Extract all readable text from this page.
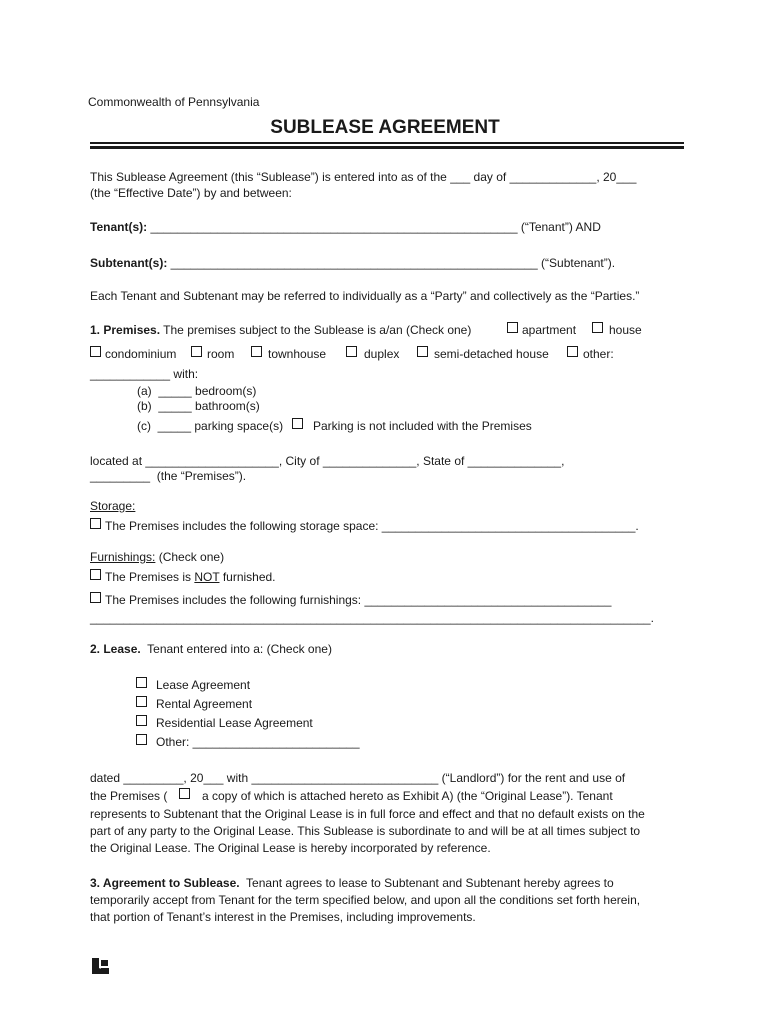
Commonwealth of Pennsylvania
SUBLEASE AGREEMENT
This Sublease Agreement (this “Sublease”) is entered into as of the ___ day of _____________, 20___
(the “Effective Date”) by and between:
Tenant(s): _______________________________________________________ (“Tenant”) AND
Subtenant(s): _______________________________________________________ (“Subtenant”).
Each Tenant and Subtenant may be referred to individually as a “Party” and collectively as the “Parties.”
1. Premises. The premises subject to the Sublease is a/an (Check one)	apartment	house
condominium	room	townhouse	duplex	semi-detached house	other:
____________ with:
(a)  _____ bedroom(s)
(b)  _____ bathroom(s)
(c)  _____ parking space(s) Parking is not included with the Premises
located at ____________________, City of ______________, State of ______________,
_________  (the “Premises”).
Storage:
The Premises includes the following storage space: ______________________________________.
Furnishings: (Check one)
The Premises is NOT furnished.
The Premises includes the following furnishings: _____________________________________
____________________________________________________________________________________.
2. Lease.  Tenant entered into a: (Check one)
Lease Agreement
Rental Agreement
Residential Lease Agreement
Other: _________________________
dated _________, 20___ with ____________________________ (“Landlord”) for the rent and use of
the Premises (	a copy of which is attached hereto as Exhibit A) (the “Original Lease”). Tenant
represents to Subtenant that the Original Lease is in full force and effect and that no default exists on the
part of any party to the Original Lease. This Sublease is subordinate to and will be at all times subject to
the Original Lease. The Original Lease is hereby incorporated by reference.
3. Agreement to Sublease.  Tenant agrees to lease to Subtenant and Subtenant hereby agrees to
temporarily accept from Tenant for the term specified below, and upon all the conditions set forth herein,
that portion of Tenant’s interest in the Premises, including improvements.
